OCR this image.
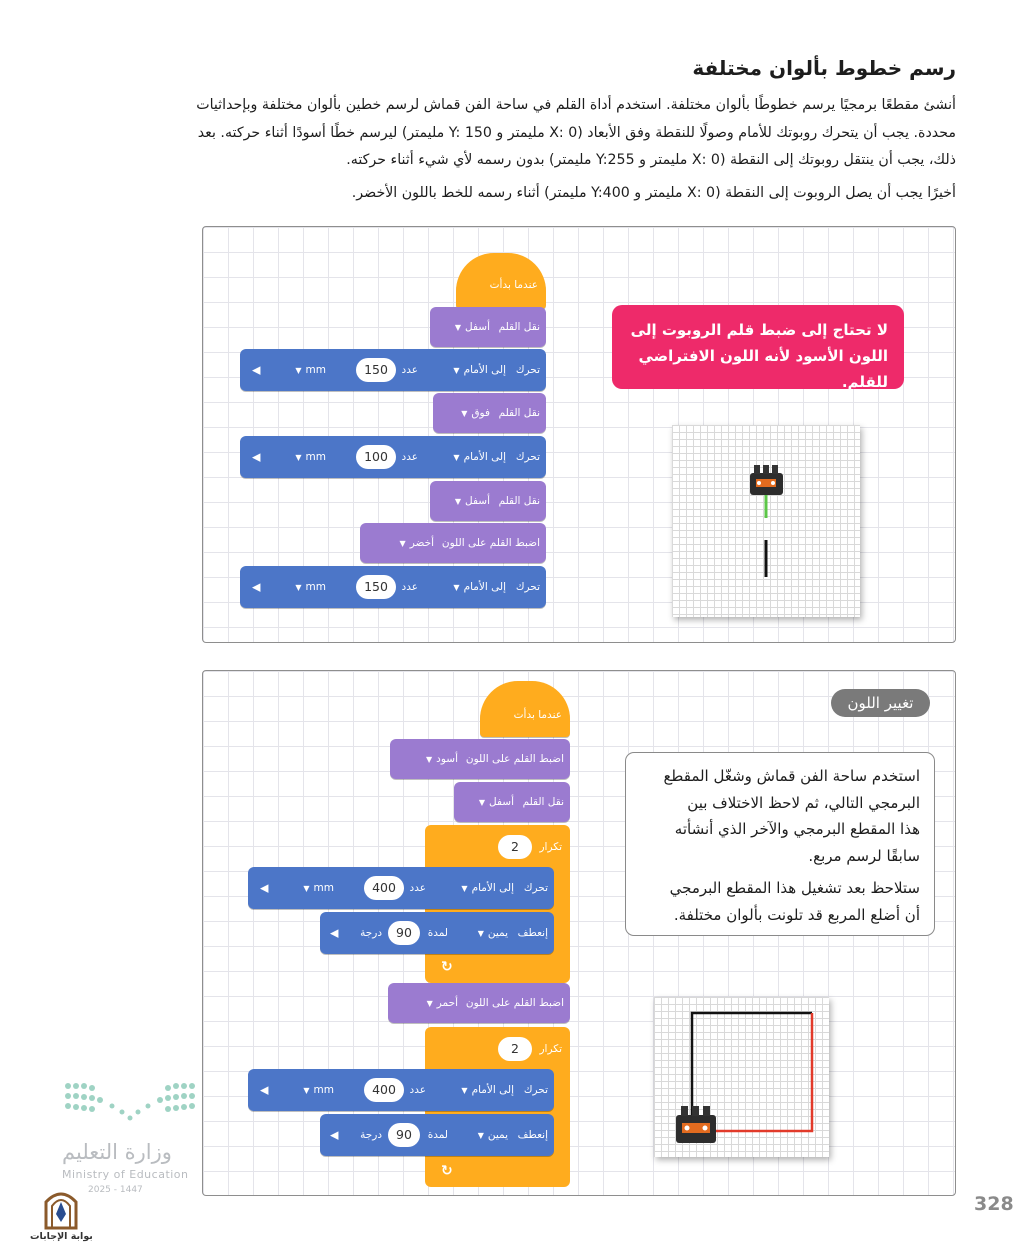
رسم خطوط بألوان مختلفة
أنشئ مقطعًا برمجيًا يرسم خطوطًا بألوان مختلفة. استخدم أداة القلم في ساحة الفن قماش لرسم خطين بألوان مختلفة وبإحداثيات
محددة. يجب أن يتحرك روبوتك للأمام وصولًا للنقطة وفق الأبعاد (X: 0 مليمتر و Y: 150 مليمتر) ليرسم خطًا أسودًا أثناء حركته. بعد
ذلك، يجب أن ينتقل روبوتك إلى النقطة (X: 0 مليمتر و Y:255 مليمتر) بدون رسمه لأي شيء أثناء حركته.
أخيرًا يجب أن يصل الروبوت إلى النقطة (X: 0 مليمتر و Y:400 مليمتر) أثناء رسمه للخط باللون الأخضر.
عندما بدأت
نقل القلم
أسفل▼
تحرك
إلى الأمام▼
عدد
150
mm▼
◀
نقل القلم
فوق▼
تحرك
إلى الأمام▼
عدد
100
mm▼
◀
نقل القلم
أسفل▼
اضبط القلم على اللون
أخضر▼
تحرك
إلى الأمام▼
عدد
150
mm▼
◀
لا تحتاج إلى ضبط قلم الروبوت إلى اللون الأسود لأنه اللون الافتراضي للقلم.
عندما بدأت
اضبط القلم على اللون
أسود▼
نقل القلم
أسفل▼
تكرار
2
↻
تحرك
إلى الأمام▼
عدد
400
mm▼
◀
إنعطف
يمين▼
لمدة
90
درجة
◀
اضبط القلم على اللون
أحمر▼
تكرار
2
↻
تحرك
إلى الأمام▼
عدد
400
mm▼
◀
إنعطف
يمين▼
لمدة
90
درجة
◀
تغيير اللون
استخدم ساحة الفن قماش وشغّل المقطع
البرمجي التالي، ثم لاحظ الاختلاف بين
هذا المقطع البرمجي والآخر الذي أنشأته
سابقًا لرسم مربع.
ستلاحظ بعد تشغيل هذا المقطع البرمجي
أن أضلع المربع قد تلونت بألوان مختلفة.
وزارة التعليم
Ministry of Education
2025 - 1447
بوابة الإجابات
328
